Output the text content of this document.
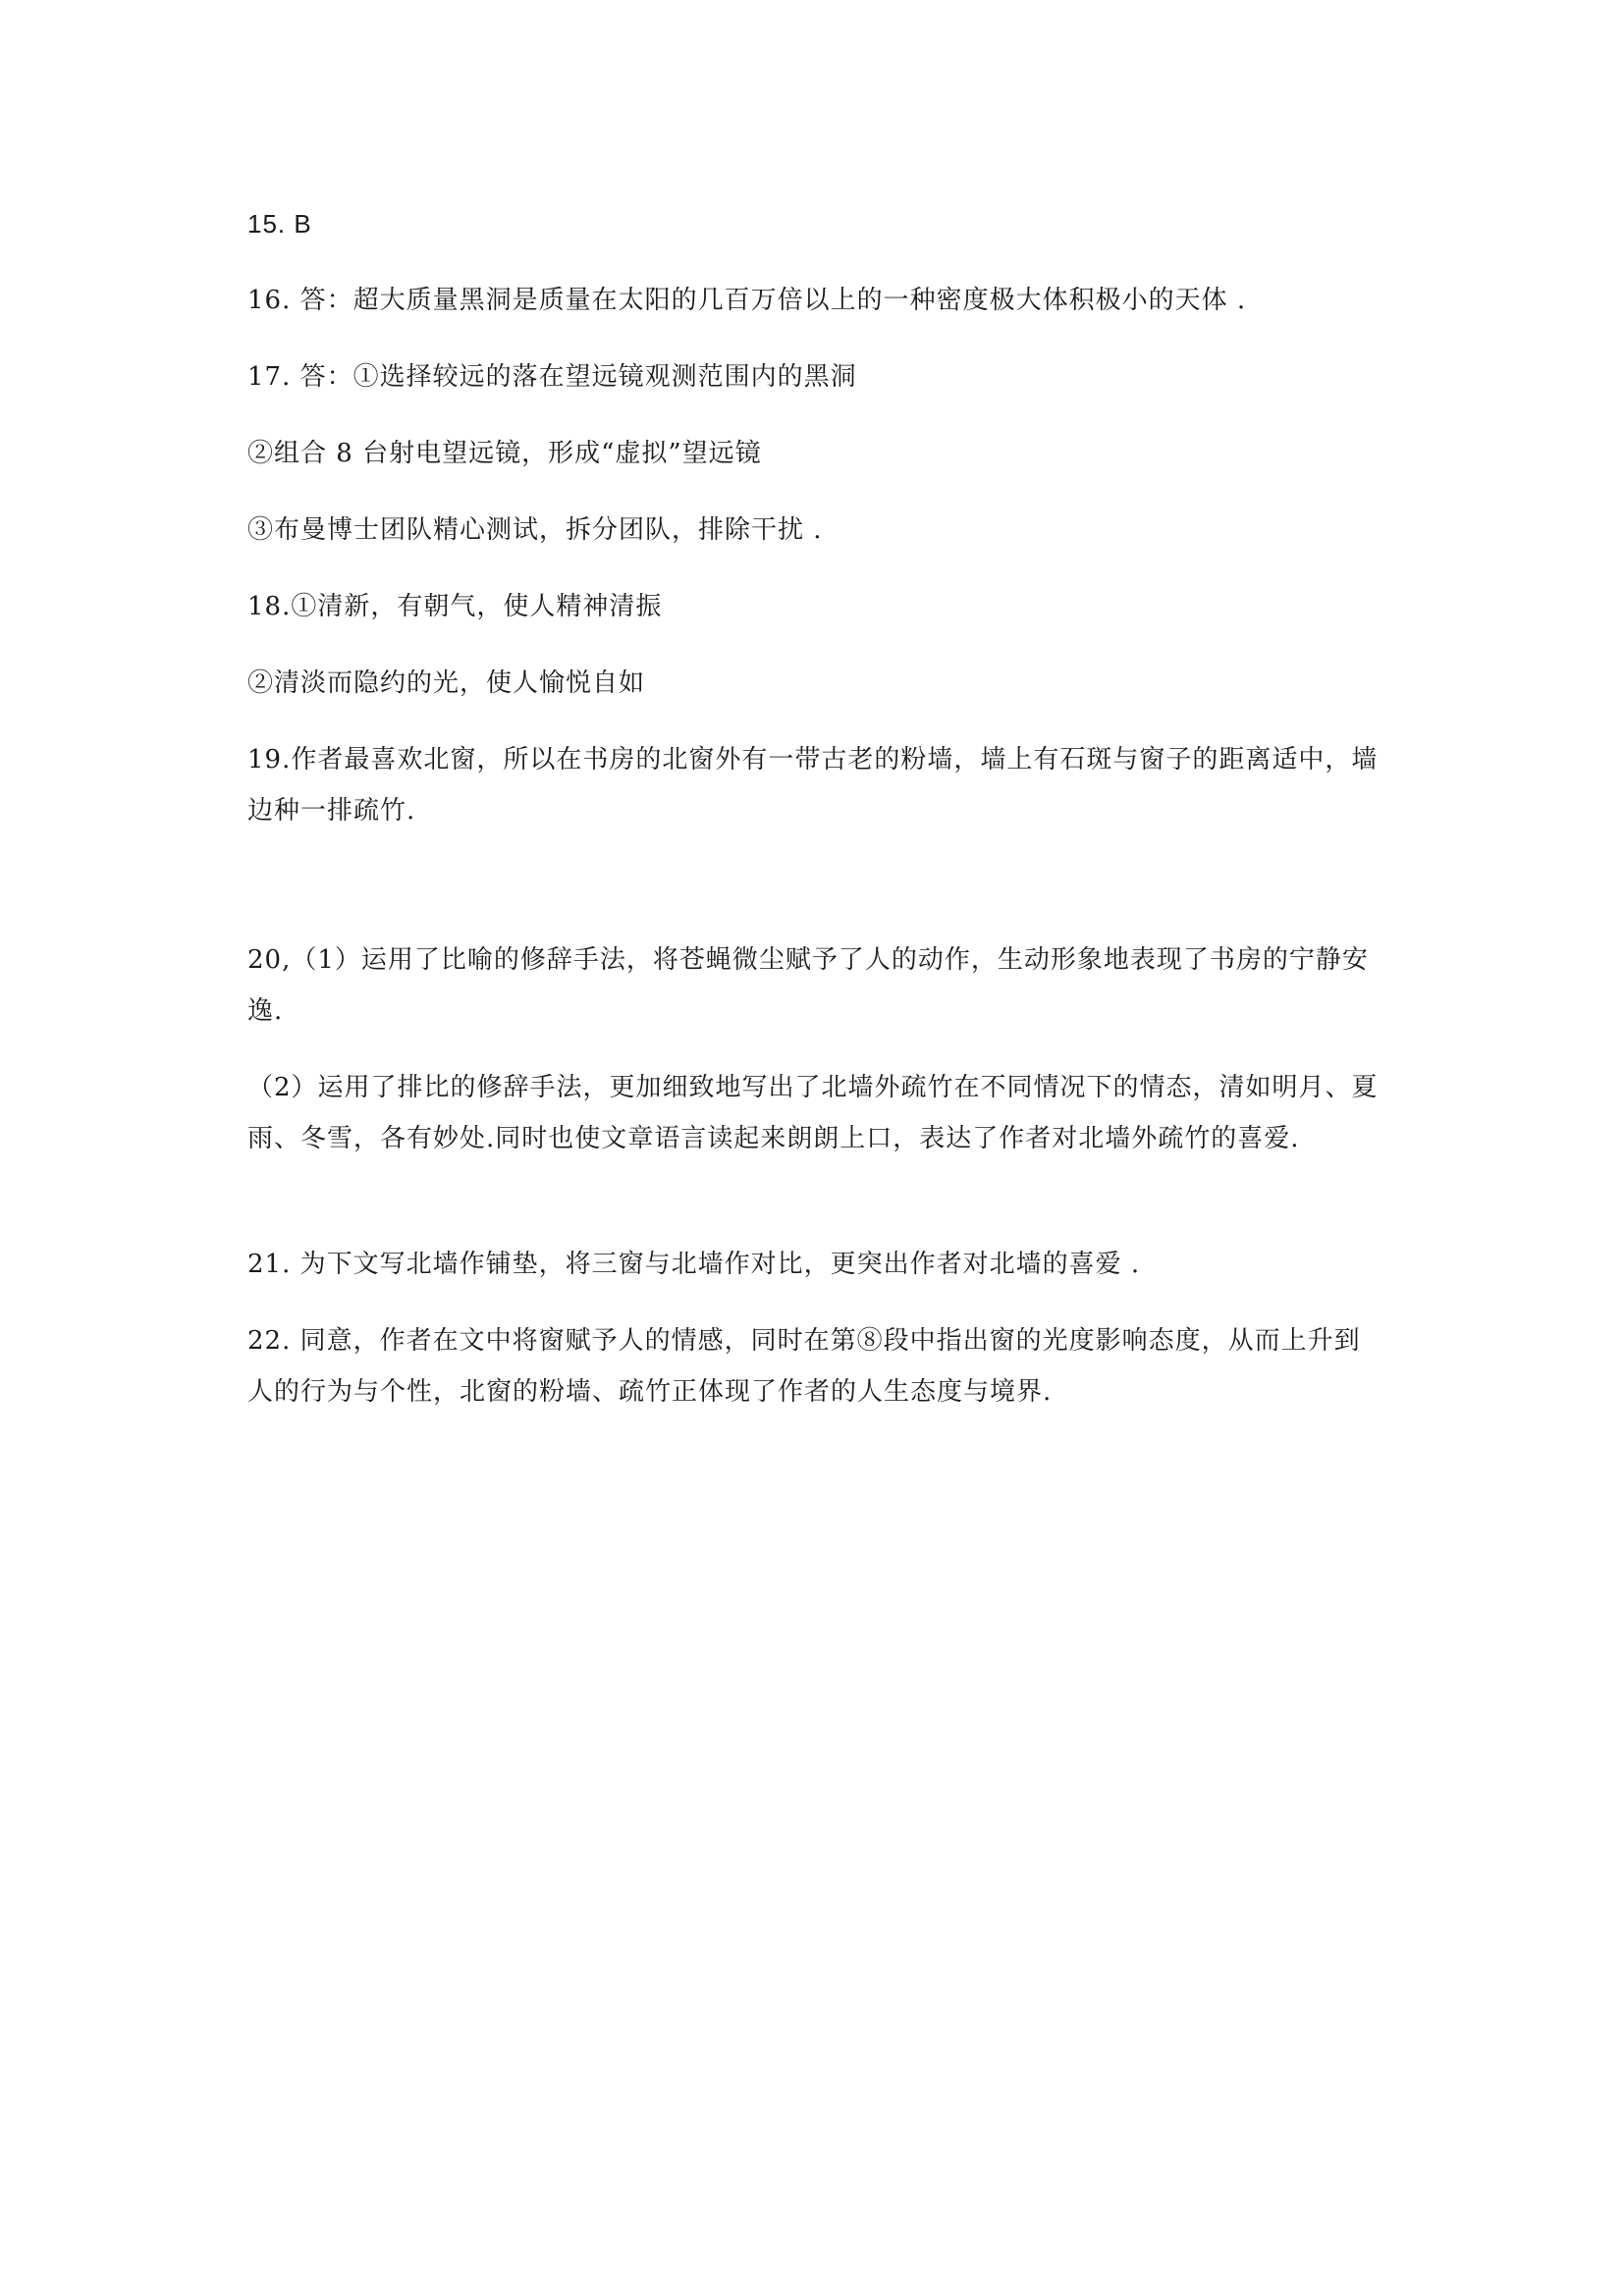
15. B
16. 答：超大质量黑洞是质量在太阳的几百万倍以上的一种密度极大体积极小的天体 .
17. 答：①选择较远的落在望远镜观测范围内的黑洞
②组合 8 台射电望远镜，形成“虚拟”望远镜
③布曼博士团队精心测试，拆分团队，排除干扰 .
18.①清新，有朝气，使人精神清振
②清淡而隐约的光，使人愉悦自如
19.作者最喜欢北窗，所以在书房的北窗外有一带古老的粉墙，墙上有石斑与窗子的距离适中，墙边种一排疏竹.
20,（1）运用了比喻的修辞手法，将苍蝇微尘赋予了人的动作，生动形象地表现了书房的宁静安逸.
（2）运用了排比的修辞手法，更加细致地写出了北墙外疏竹在不同情况下的情态，清如明月、夏雨、冬雪，各有妙处.同时也使文章语言读起来朗朗上口，表达了作者对北墙外疏竹的喜爱.
21. 为下文写北墙作铺垫，将三窗与北墙作对比，更突出作者对北墙的喜爱 .
22. 同意，作者在文中将窗赋予人的情感，同时在第⑧段中指出窗的光度影响态度，从而上升到人的行为与个性，北窗的粉墙、疏竹正体现了作者的人生态度与境界.
